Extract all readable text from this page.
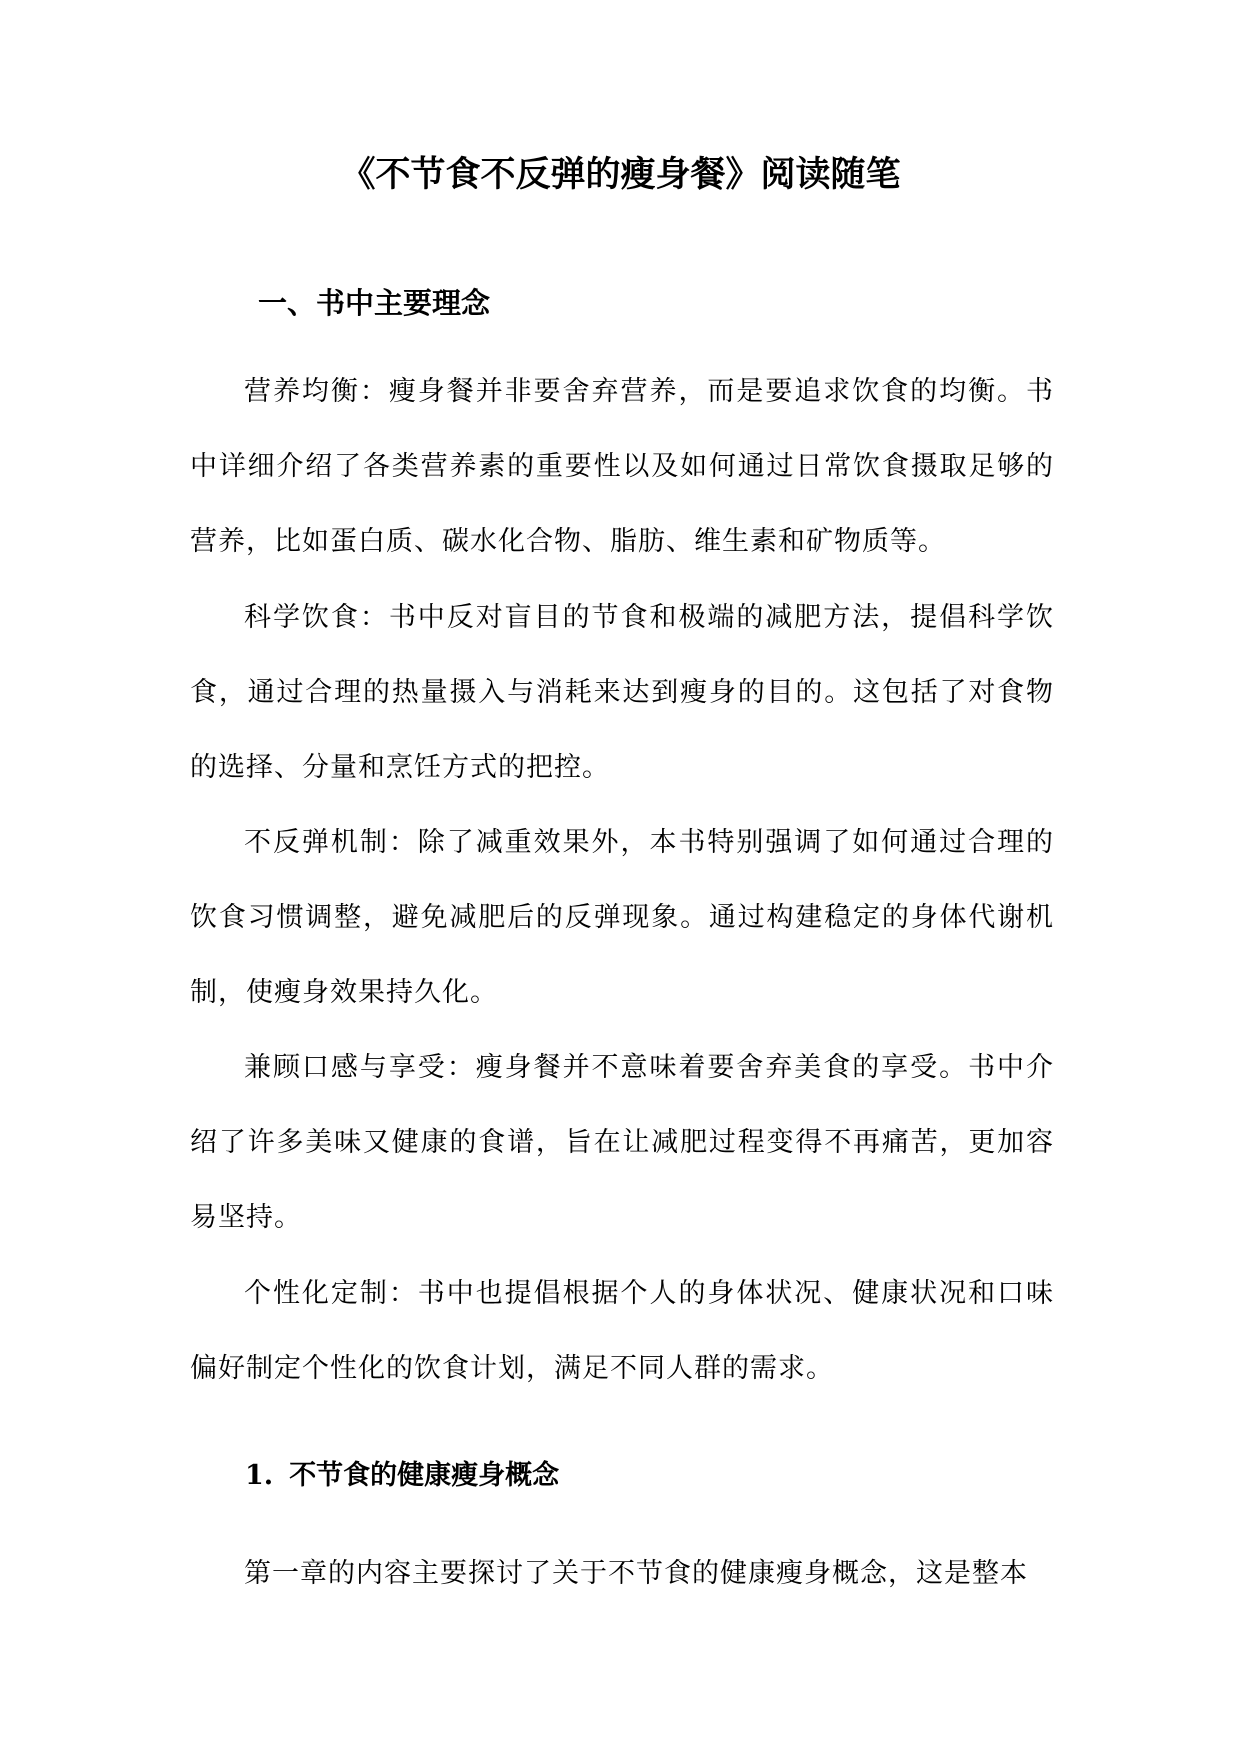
《不节食不反弹的瘦身餐》阅读随笔
一、书中主要理念

营养均衡：瘦身餐并非要舍弃营养，而是要追求饮食的均衡。书中详细介绍了各类营养素的重要性以及如何通过日常饮食摄取足够的营养，比如蛋白质、碳水化合物、脂肪、维生素和矿物质等。

科学饮食：书中反对盲目的节食和极端的减肥方法，提倡科学饮食，通过合理的热量摄入与消耗来达到瘦身的目的。这包括了对食物的选择、分量和烹饪方式的把控。

不反弹机制：除了减重效果外，本书特别强调了如何通过合理的饮食习惯调整，避免减肥后的反弹现象。通过构建稳定的身体代谢机制，使瘦身效果持久化。

兼顾口感与享受：瘦身餐并不意味着要舍弃美食的享受。书中介绍了许多美味又健康的食谱，旨在让减肥过程变得不再痛苦，更加容易坚持。

个性化定制：书中也提倡根据个人的身体状况、健康状况和口味偏好制定个性化的饮食计划，满足不同人群的需求。

1. 不节食的健康瘦身概念

第一章的内容主要探讨了关于不节食的健康瘦身概念，这是整本
